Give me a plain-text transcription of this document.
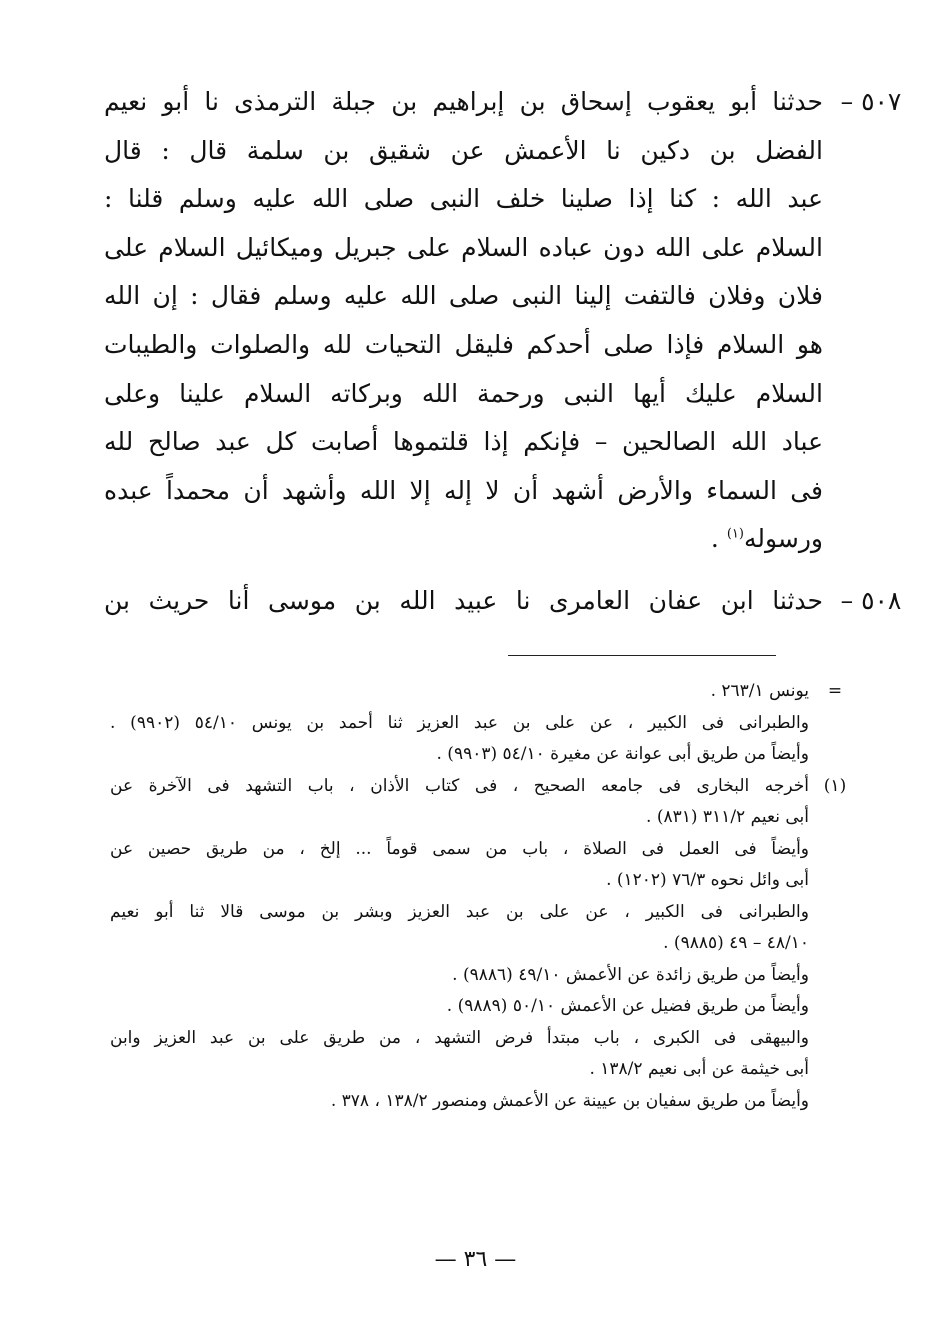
٥٠٧ –
حدثنا أبو يعقوب إسحاق بن إبراهيم بن جبلة الترمذى نا أبو نعيم
الفضل بن دكين نا الأعمش عن شقيق بن سلمة قال : قال
عبد الله : كنا إذا صلينا خلف النبى صلى الله عليه وسلم قلنا :
السلام على الله دون عباده السلام على جبريل وميكائيل السلام على
فلان وفلان فالتفت إلينا النبى صلى الله عليه وسلم فقال : إن الله
هو السلام فإذا صلى أحدكم فليقل التحيات لله والصلوات والطيبات
السلام عليك أيها النبى ورحمة الله وبركاته السلام علينا وعلى
عباد الله الصالحين – فإنكم إذا قلتموها أصابت كل عبد صالح لله
فى السماء والأرض أشهد أن لا إله إلا الله وأشهد أن محمداً عبده
ورسوله$^{(١)}$ .
٥٠٨ –
حدثنا ابن عفان العامرى نا عبيد الله بن موسى أنا حريث بن
=
يونس ٢٦٣/١ .
والطبرانى فى الكبير ، عن على بن عبد العزيز ثنا أحمد بن يونس ٥٤/١٠ (٩٩٠٢) .
وأيضاً من طريق أبى عوانة عن مغيرة ٥٤/١٠ (٩٩٠٣) .
(١)
أخرجه البخارى فى جامعه الصحيح ، فى كتاب الأذان ، باب التشهد فى الآخرة عن
أبى نعيم ٣١١/٢ (٨٣١) .
وأيضاً فى العمل فى الصلاة ، باب من سمى قوماً ... إلخ ، من طريق حصين عن
أبى وائل نحوه ٧٦/٣ (١٢٠٢) .
والطبرانى فى الكبير ، عن على بن عبد العزيز وبشر بن موسى قالا ثنا أبو نعيم
٤٨/١٠ – ٤٩ (٩٨٨٥) .
وأيضاً من طريق زائدة عن الأعمش ٤٩/١٠ (٩٨٨٦) .
وأيضاً من طريق فضيل عن الأعمش ٥٠/١٠ (٩٨٨٩) .
والبيهقى فى الكبرى ، باب مبتدأ فرض التشهد ، من طريق على بن عبد العزيز وابن
أبى خيثمة عن أبى نعيم ١٣٨/٢ .
وأيضاً من طريق سفيان بن عيينة عن الأعمش ومنصور ١٣٨/٢ ، ٣٧٨ .
— ٣٦ —
